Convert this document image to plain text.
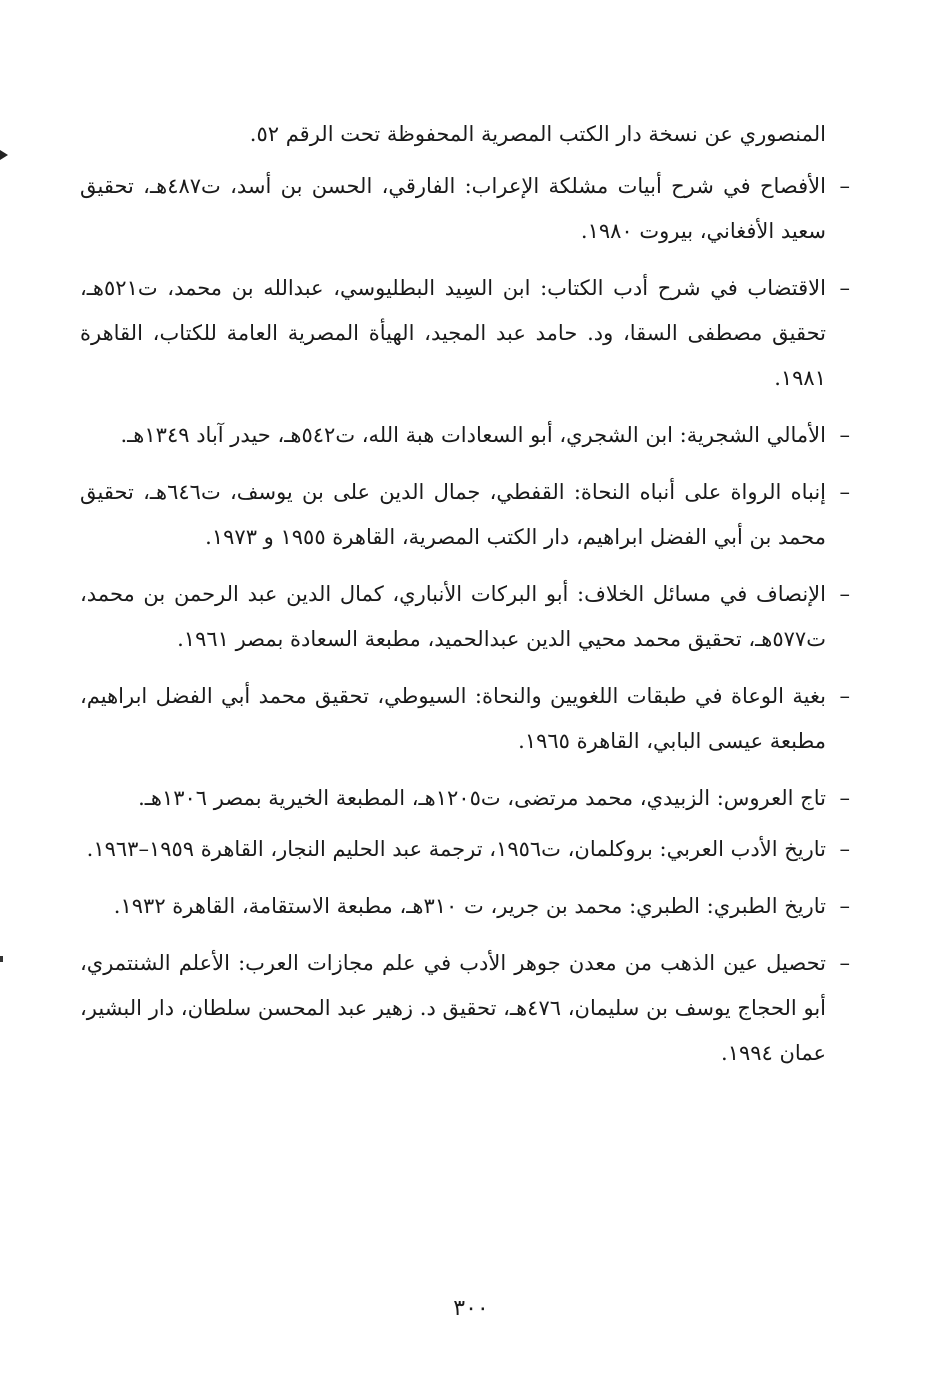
المنصوري عن نسخة دار الكتب المصرية المحفوظة تحت الرقم ٥٢.

–
الأفصاح في شرح أبيات مشلكة الإعراب: الفارقي، الحسن بن أسد، ت٤٨٧هـ، تحقيق سعيد الأفغاني، بيروت ١٩٨٠.

–
الاقتضاب في شرح أدب الكتاب: ابن السِيد البطليوسي، عبدالله بن محمد، ت٥٢١هـ، تحقيق مصطفى السقا، ود. حامد عبد المجيد، الهيأة المصرية العامة للكتاب، القاهرة ١٩٨١.

–
الأمالي الشجرية: ابن الشجري، أبو السعادات هبة الله، ت٥٤٢هـ، حيدر آباد ١٣٤٩هـ.

–
إنباه الرواة على أنباه النحاة: القفطي، جمال الدين على بن يوسف، ت٦٤٦هـ، تحقيق محمد بن أبي الفضل ابراهيم، دار الكتب المصرية، القاهرة ١٩٥٥ و ١٩٧٣.

–
الإنصاف في مسائل الخلاف: أبو البركات الأنباري، كمال الدين عبد الرحمن بن محمد، ت٥٧٧هـ، تحقيق محمد محيي الدين عبدالحميد، مطبعة السعادة بمصر ١٩٦١.

–
بغية الوعاة في طبقات اللغويين والنحاة: السيوطي، تحقيق محمد أبي الفضل ابراهيم، مطبعة عيسى البابي، القاهرة ١٩٦٥.

–
تاج العروس: الزبيدي، محمد مرتضى، ت١٢٠٥هـ، المطبعة الخيرية بمصر ١٣٠٦هـ.

–
تاريخ الأدب العربي: بروكلمان، ت١٩٥٦، ترجمة عبد الحليم النجار، القاهرة ١٩٥٩–١٩٦٣.

–
تاريخ الطبري: الطبري: محمد بن جرير، ت ٣١٠هـ، مطبعة الاستقامة، القاهرة ١٩٣٢.

–
تحصيل عين الذهب من معدن جوهر الأدب في علم مجازات العرب: الأعلم الشنتمري، أبو الحجاج يوسف بن سليمان، ٤٧٦هـ، تحقيق د. زهير عبد المحسن سلطان، دار البشير، عمان ١٩٩٤.

٣٠٠
